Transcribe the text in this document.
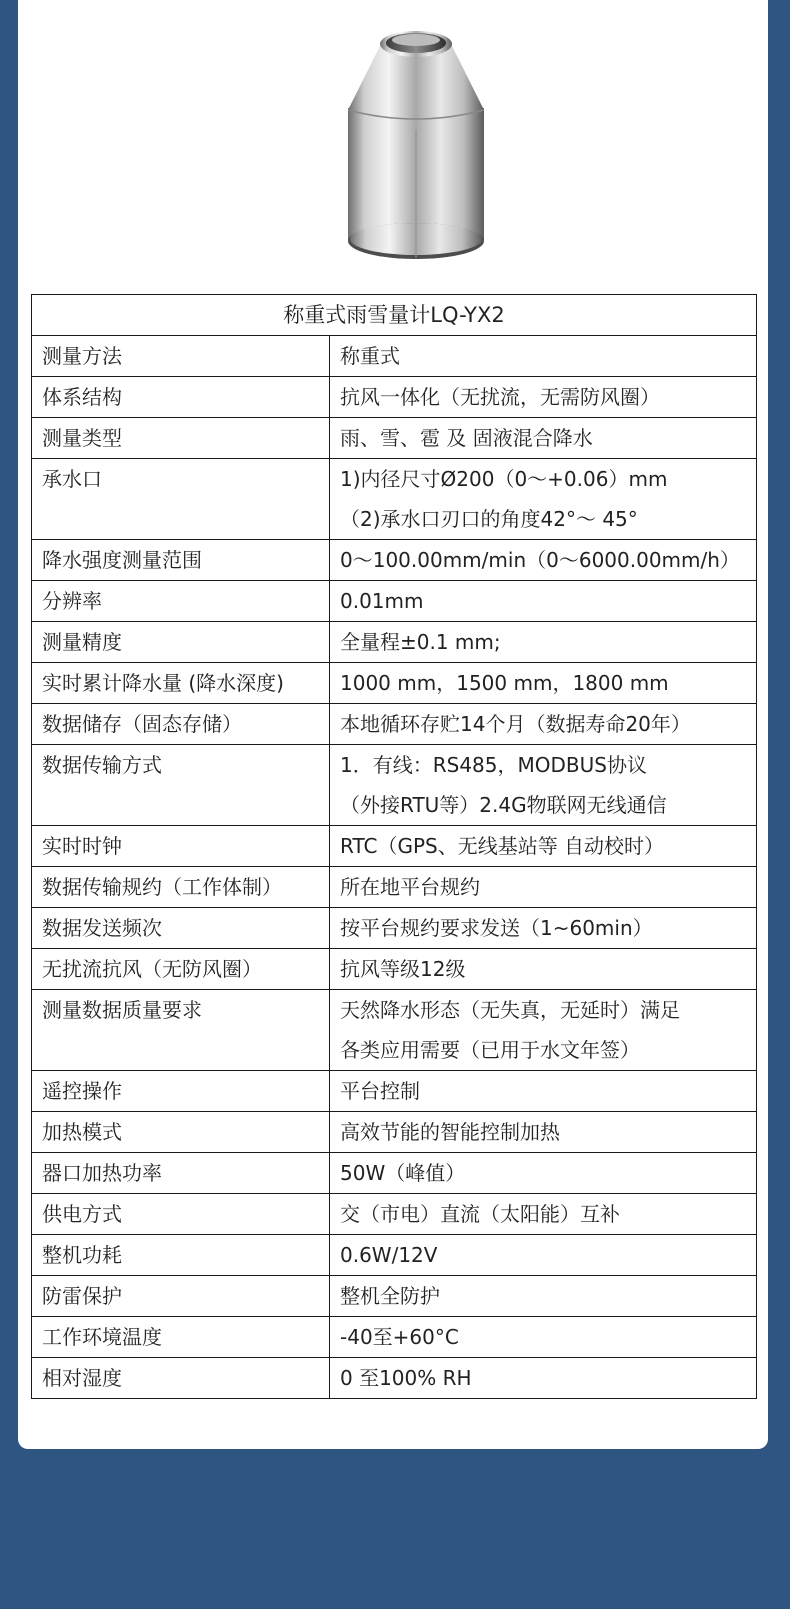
称重式雨雪量计LQ-YX2	
测量方法	称重式

体系结构	抗风一体化（无扰流，无需防风圈）

测量类型	雨、雪、雹 及 固液混合降水

承水口	1)内径尺寸Ø200（0～+0.06）mm
（2)承水口刃口的角度42°～ 45°

降水强度测量范围	0～100.00mm/min（0～6000.00mm/h）

分辨率	0.01mm

测量精度	全量程±0.1 mm;

实时累计降水量 (降水深度)	1000 mm，1500 mm，1800 mm

数据储存（固态存储）	本地循环存贮14个月（数据寿命20年）

数据传输方式	1．有线：RS485，MODBUS协议
（外接RTU等）2.4G物联网无线通信

实时时钟	RTC（GPS、无线基站等 自动校时）

数据传输规约（工作体制）	所在地平台规约

数据发送频次	按平台规约要求发送（1~60min）

无扰流抗风（无防风圈）	抗风等级12级

测量数据质量要求	天然降水形态（无失真，无延时）满足
各类应用需要（已用于水文年签）

遥控操作	平台控制

加热模式	高效节能的智能控制加热

器口加热功率	50W（峰值）

供电方式	交（市电）直流（太阳能）互补

整机功耗	0.6W/12V

防雷保护	整机全防护

工作环境温度	-40至+60°C

相对湿度	0 至100% RH
